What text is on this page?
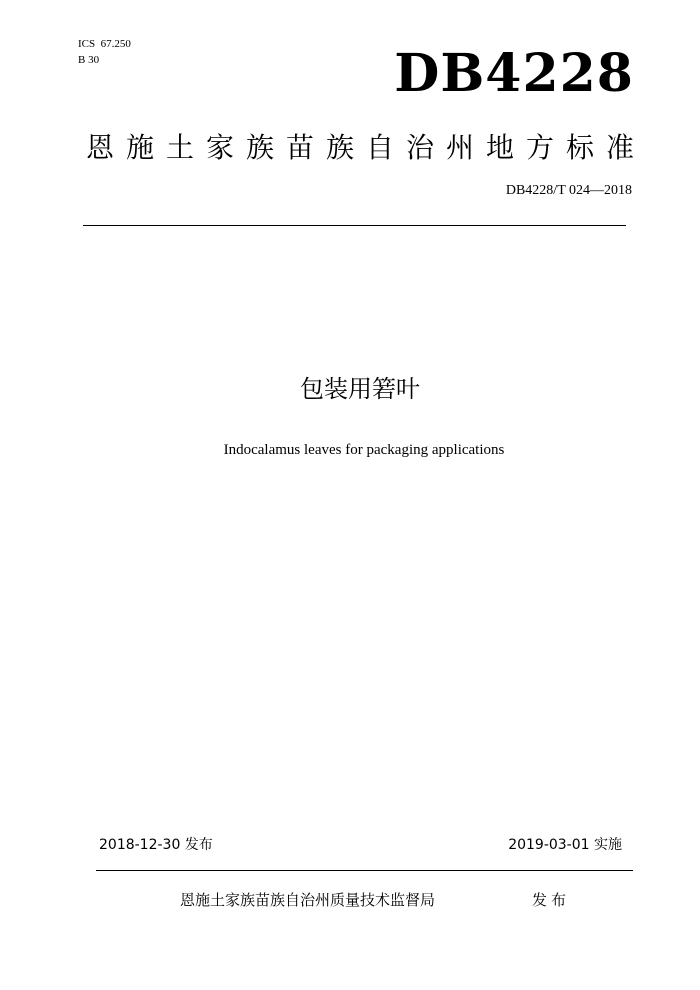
ICS  67.250
B 30	DB4228
恩施土家族苗族自治州地方标准
DB4228/T 024—2018
包装用箬叶
Indocalamus leaves for packaging applications
2018-12-30 发布	2019-03-01 实施
恩施土家族苗族自治州质量技术监督局	发布
